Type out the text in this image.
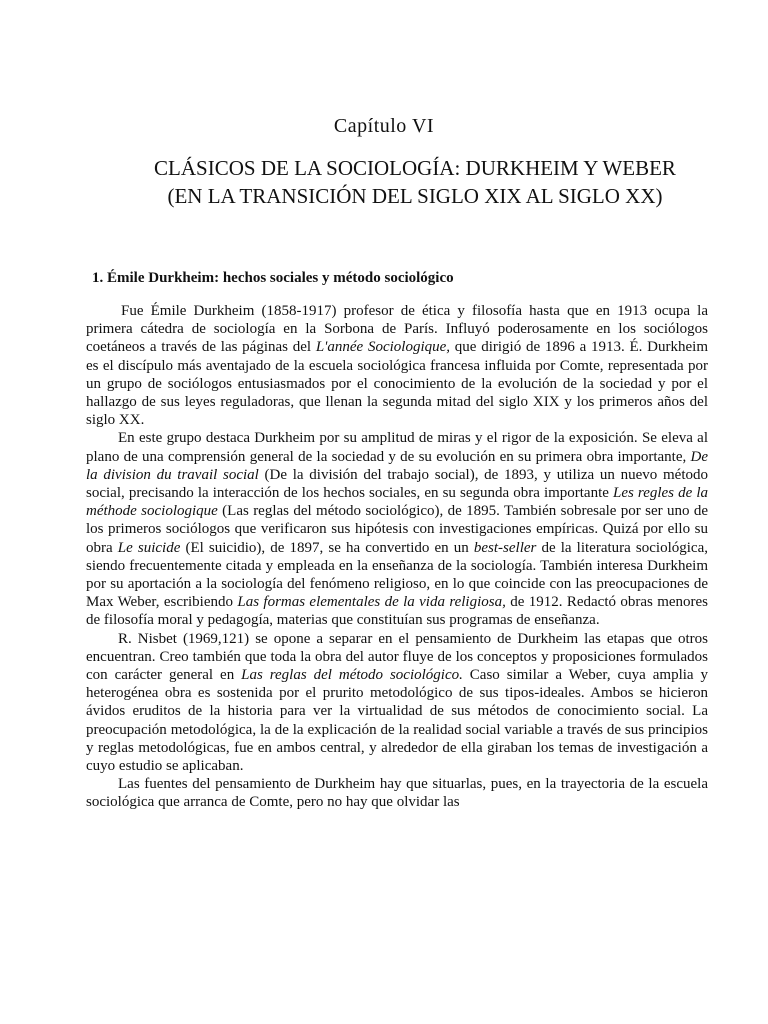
Capítulo VI
CLÁSICOS DE LA SOCIOLOGÍA: DURKHEIM Y WEBER (EN LA TRANSICIÓN DEL SIGLO XIX AL SIGLO XX)
1. Émile Durkheim: hechos sociales y método sociológico

Fue Émile Durkheim (1858-1917) profesor de ética y filosofía hasta que en 1913 ocupa la primera cátedra de sociología en la Sorbona de París. Influyó poderosamente en los sociólogos coetáneos a través de las páginas del L'année Sociologique, que dirigió de 1896 a 1913. É. Durkheim es el discípulo más aventajado de la escuela sociológica francesa influida por Comte, representada por un grupo de sociólogos entusiasmados por el conocimiento de la evolución de la sociedad y por el hallazgo de sus leyes reguladoras, que llenan la segunda mitad del siglo XIX y los primeros años del siglo XX.

En este grupo destaca Durkheim por su amplitud de miras y el rigor de la exposición. Se eleva al plano de una comprensión general de la sociedad y de su evolución en su primera obra importante, De la division du travail social (De la división del trabajo social), de 1893, y utiliza un nuevo método social, precisando la interacción de los hechos sociales, en su segunda obra importante Les regles de la méthode sociologique (Las reglas del método sociológico), de 1895. También sobresale por ser uno de los primeros sociólogos que verificaron sus hipótesis con investigaciones empíricas. Quizá por ello su obra Le suicide (El suicidio), de 1897, se ha convertido en un best-seller de la literatura sociológica, siendo frecuentemente citada y empleada en la enseñanza de la sociología. También interesa Durkheim por su aportación a la sociología del fenómeno religioso, en lo que coincide con las preocupaciones de Max Weber, escribiendo Las formas elementales de la vida religiosa, de 1912. Redactó obras menores de filosofía moral y pedagogía, materias que constituían sus programas de enseñanza.

R. Nisbet (1969,121) se opone a separar en el pensamiento de Durkheim las etapas que otros encuentran. Creo también que toda la obra del autor fluye de los conceptos y proposiciones formulados con carácter general en Las reglas del método sociológico. Caso similar a Weber, cuya amplia y heterogénea obra es sostenida por el prurito metodológico de sus tipos-ideales. Ambos se hicieron ávidos eruditos de la historia para ver la virtualidad de sus métodos de conocimiento social. La preocupación metodológica, la de la explicación de la realidad social variable a través de sus principios y reglas metodológicas, fue en ambos central, y alrededor de ella giraban los temas de investigación a cuyo estudio se aplicaban.

Las fuentes del pensamiento de Durkheim hay que situarlas, pues, en la trayectoria de la escuela sociológica que arranca de Comte, pero no hay que olvidar las
